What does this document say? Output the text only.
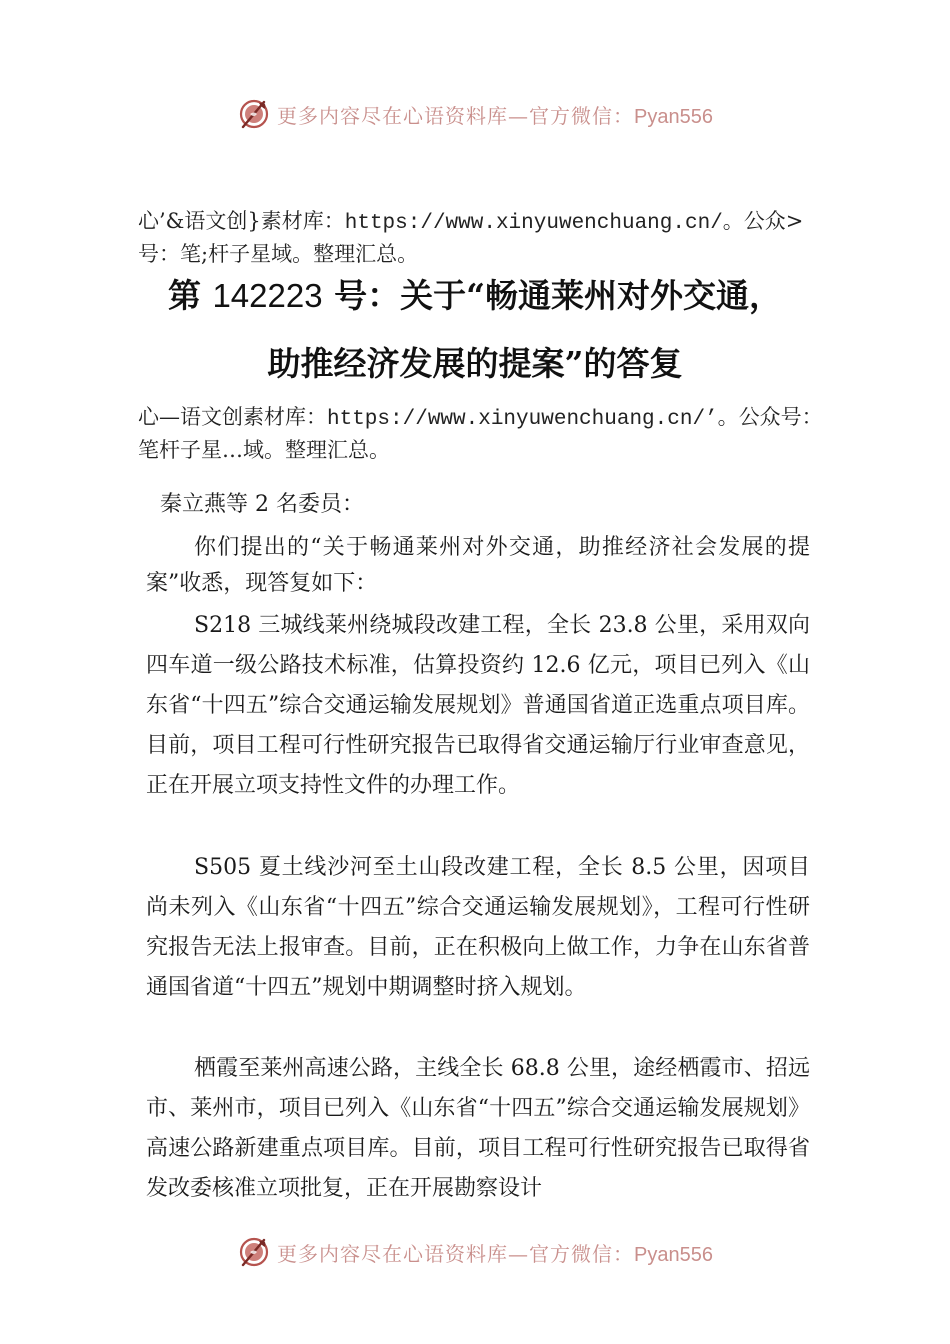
更多内容尽在心语资料库—官方微信：Pyan556
心’&语文创}素材库：https://www.xinyuwenchuang.cn/。公众>号：笔;杆子星域。整理汇总。
第 142223 号：关于“畅通莱州对外交通，
助推经济发展的提案”的答复
心—语文创素材库：https://www.xinyuwenchuang.cn/’。公众号：笔杆子星…域。整理汇总。
秦立燕等 2 名委员：

你们提出的“关于畅通莱州对外交通，助推经济社会发展的提案”收悉，现答复如下：

S218 三城线莱州绕城段改建工程，全长 23.8 公里，采用双向四车道一级公路技术标准，估算投资约 12.6 亿元，项目已列入《山东省“十四五”综合交通运输发展规划》普通国省道正选重点项目库。目前，项目工程可行性研究报告已取得省交通运输厅行业审查意见，正在开展立项支持性文件的办理工作。

S505 夏土线沙河至土山段改建工程，全长 8.5 公里，因项目尚未列入《山东省“十四五”综合交通运输发展规划》，工程可行性研究报告无法上报审查。目前，正在积极向上做工作，力争在山东省普通国省道“十四五”规划中期调整时挤入规划。

栖霞至莱州高速公路，主线全长 68.8 公里，途经栖霞市、招远市、莱州市，项目已列入《山东省“十四五”综合交通运输发展规划》高速公路新建重点项目库。目前，项目工程可行性研究报告已取得省发改委核准立项批复，正在开展勘察设计

更多内容尽在心语资料库—官方微信：Pyan556
